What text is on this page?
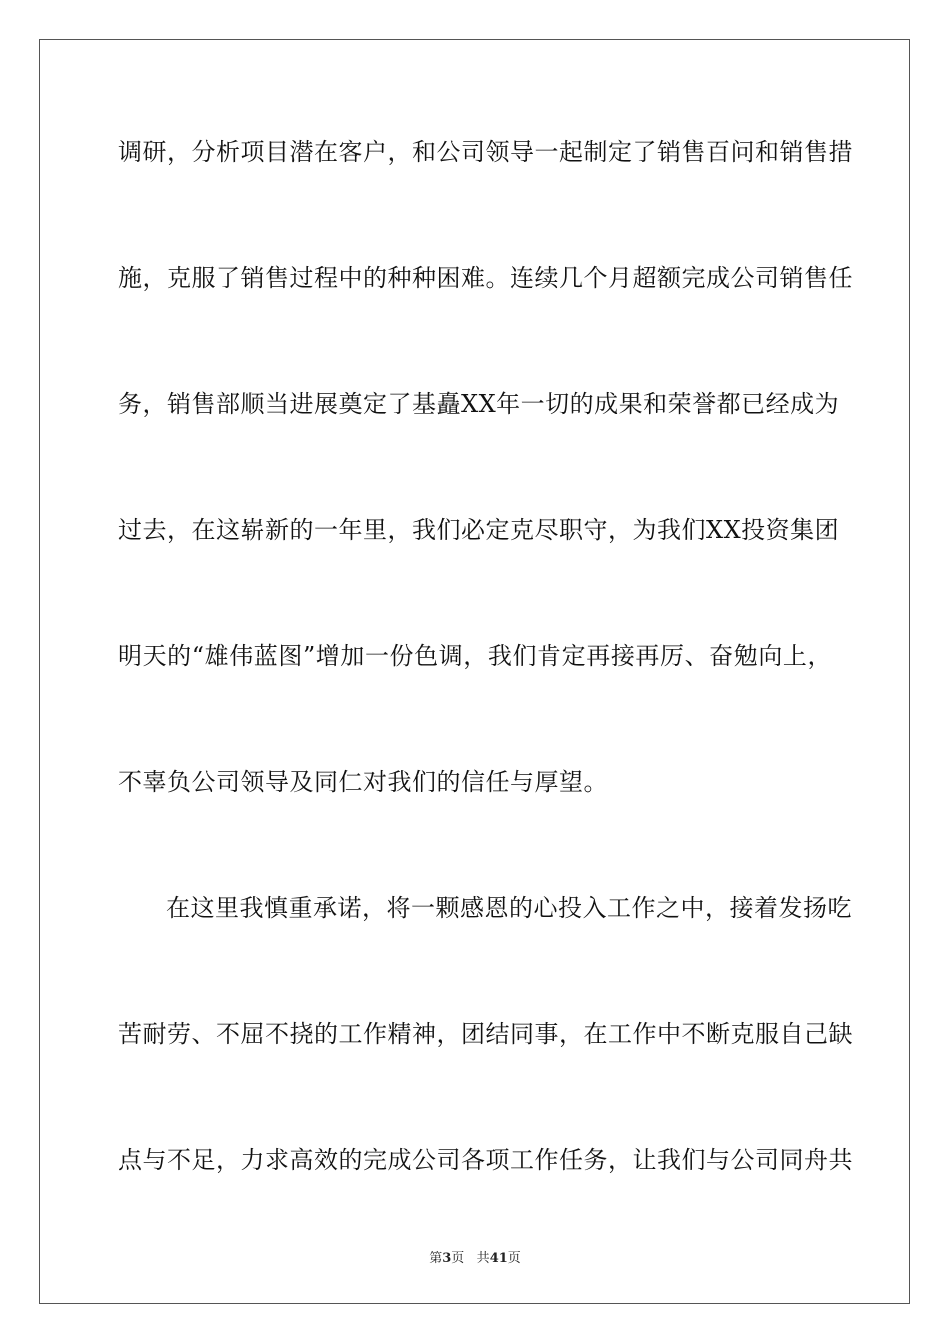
调研，分析项目潜在客户，和公司领导一起制定了销售百问和销售措
施，克服了销售过程中的种种困难。连续几个月超额完成公司销售任
务，销售部顺当进展奠定了基矗XX年一切的成果和荣誉都已经成为
过去，在这崭新的一年里，我们必定克尽职守，为我们XX投资集团
明天的“雄伟蓝图”增加一份色调，我们肯定再接再厉、奋勉向上，
不辜负公司领导及同仁对我们的信任与厚望。
在这里我慎重承诺，将一颗感恩的心投入工作之中，接着发扬吃
苦耐劳、不屈不挠的工作精神，团结同事，在工作中不断克服自己缺
点与不足，力求高效的完成公司各项工作任务，让我们与公司同舟共
第3页 共41页
